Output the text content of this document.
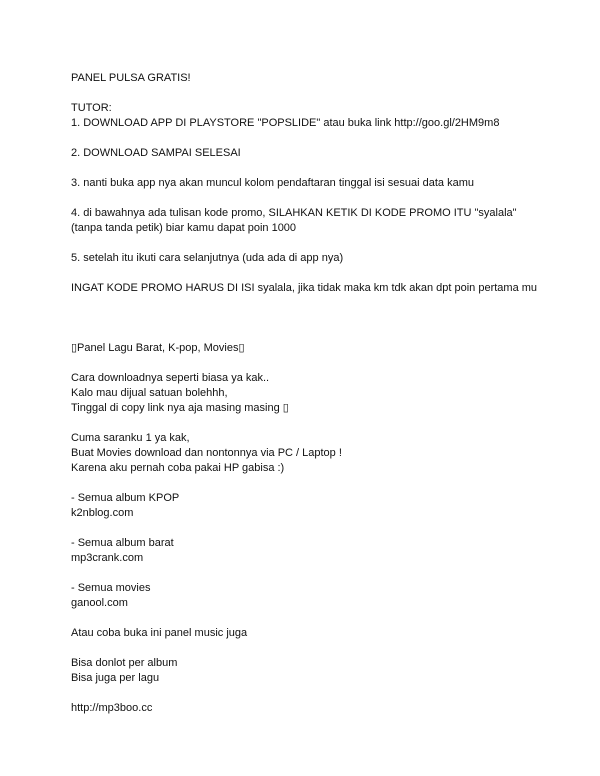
PANEL PULSA GRATIS!
TUTOR:
1. DOWNLOAD APP DI PLAYSTORE "POPSLIDE" atau buka link http://goo.gl/2HM9m8
2. DOWNLOAD SAMPAI SELESAI
3. nanti buka app nya akan muncul kolom pendaftaran tinggal isi sesuai data kamu
4. di bawahnya ada tulisan kode promo, SILAHKAN KETIK DI KODE PROMO ITU "syalala"
(tanpa tanda petik) biar kamu dapat poin 1000
5. setelah itu ikuti cara selanjutnya (uda ada di app nya)
INGAT KODE PROMO HARUS DI ISI syalala, jika tidak maka km tdk akan dpt poin pertama mu
▯Panel Lagu Barat, K-pop, Movies▯
Cara downloadnya seperti biasa ya kak..
Kalo mau dijual satuan bolehhh,
Tinggal di copy link nya aja masing masing ▯
Cuma saranku 1 ya kak,
Buat Movies download dan nontonnya via PC / Laptop !
Karena aku pernah coba pakai HP gabisa :)
- Semua album KPOP
k2nblog.com
- Semua album barat
mp3crank.com
- Semua movies
ganool.com
Atau coba buka ini panel music juga
Bisa donlot per album
Bisa juga per lagu
http://mp3boo.cc
